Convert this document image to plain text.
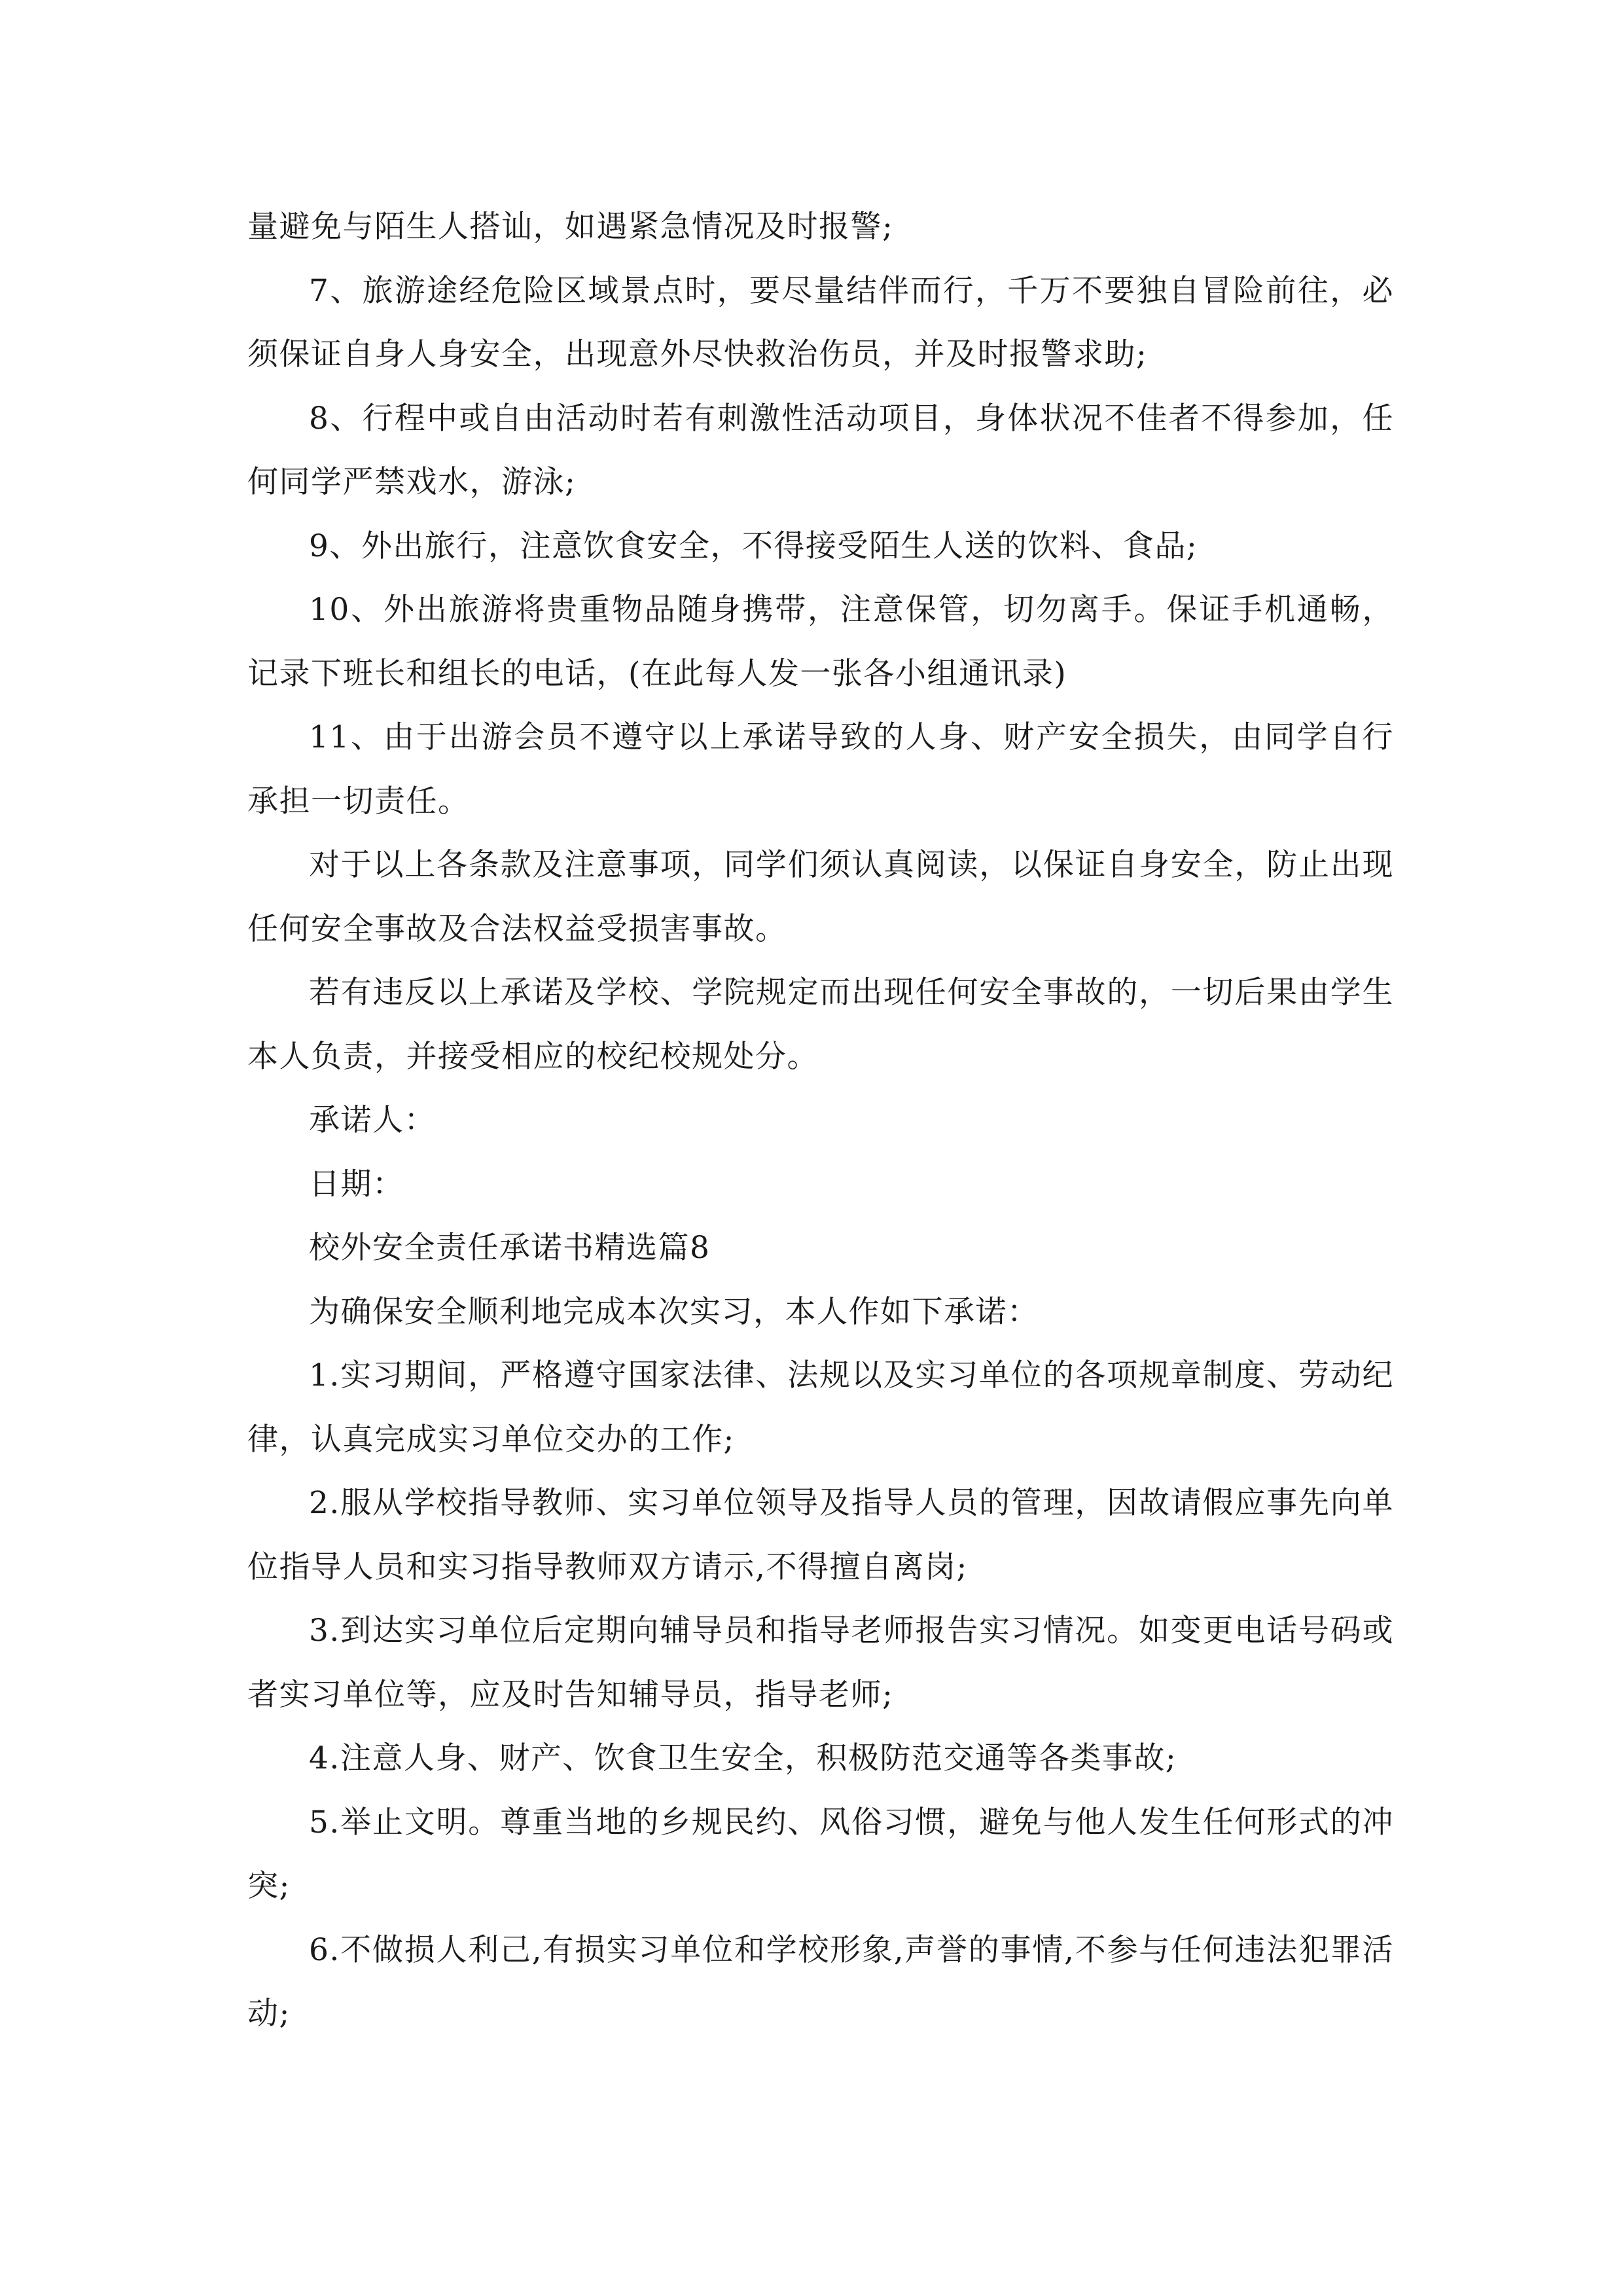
量避免与陌生人搭讪，如遇紧急情况及时报警;

7、旅游途经危险区域景点时，要尽量结伴而行，千万不要独自冒险前往，必须保证自身人身安全，出现意外尽快救治伤员，并及时报警求助;

8、行程中或自由活动时若有刺激性活动项目，身体状况不佳者不得参加，任何同学严禁戏水，游泳;

9、外出旅行，注意饮食安全，不得接受陌生人送的饮料、食品;

10、外出旅游将贵重物品随身携带，注意保管，切勿离手。保证手机通畅，记录下班长和组长的电话，(在此每人发一张各小组通讯录)

11、由于出游会员不遵守以上承诺导致的人身、财产安全损失，由同学自行承担一切责任。

对于以上各条款及注意事项，同学们须认真阅读，以保证自身安全，防止出现任何安全事故及合法权益受损害事故。

若有违反以上承诺及学校、学院规定而出现任何安全事故的，一切后果由学生本人负责，并接受相应的校纪校规处分。

承诺人：

日期：

校外安全责任承诺书精选篇8

为确保安全顺利地完成本次实习，本人作如下承诺：

1.实习期间，严格遵守国家法律、法规以及实习单位的各项规章制度、劳动纪律，认真完成实习单位交办的工作;

2.服从学校指导教师、实习单位领导及指导人员的管理，因故请假应事先向单位指导人员和实习指导教师双方请示,不得擅自离岗;

3.到达实习单位后定期向辅导员和指导老师报告实习情况。如变更电话号码或者实习单位等，应及时告知辅导员，指导老师;

4.注意人身、财产、饮食卫生安全，积极防范交通等各类事故;

5.举止文明。尊重当地的乡规民约、风俗习惯，避免与他人发生任何形式的冲突;

6.不做损人利己,有损实习单位和学校形象,声誉的事情,不参与任何违法犯罪活动;
